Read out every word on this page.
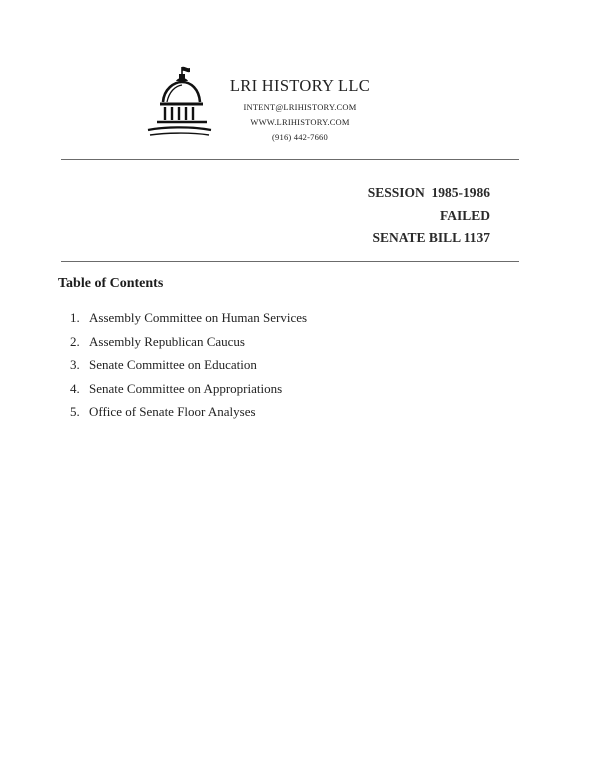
LRI HISTORY LLC
INTENT@LRIHISTORY.COM
WWW.LRIHISTORY.COM
(916) 442-7660
SESSION  1985-1986
FAILED
SENATE BILL 1137
Table of Contents
1. Assembly Committee on Human Services
2. Assembly Republican Caucus
3. Senate Committee on Education
4. Senate Committee on Appropriations
5. Office of Senate Floor Analyses
